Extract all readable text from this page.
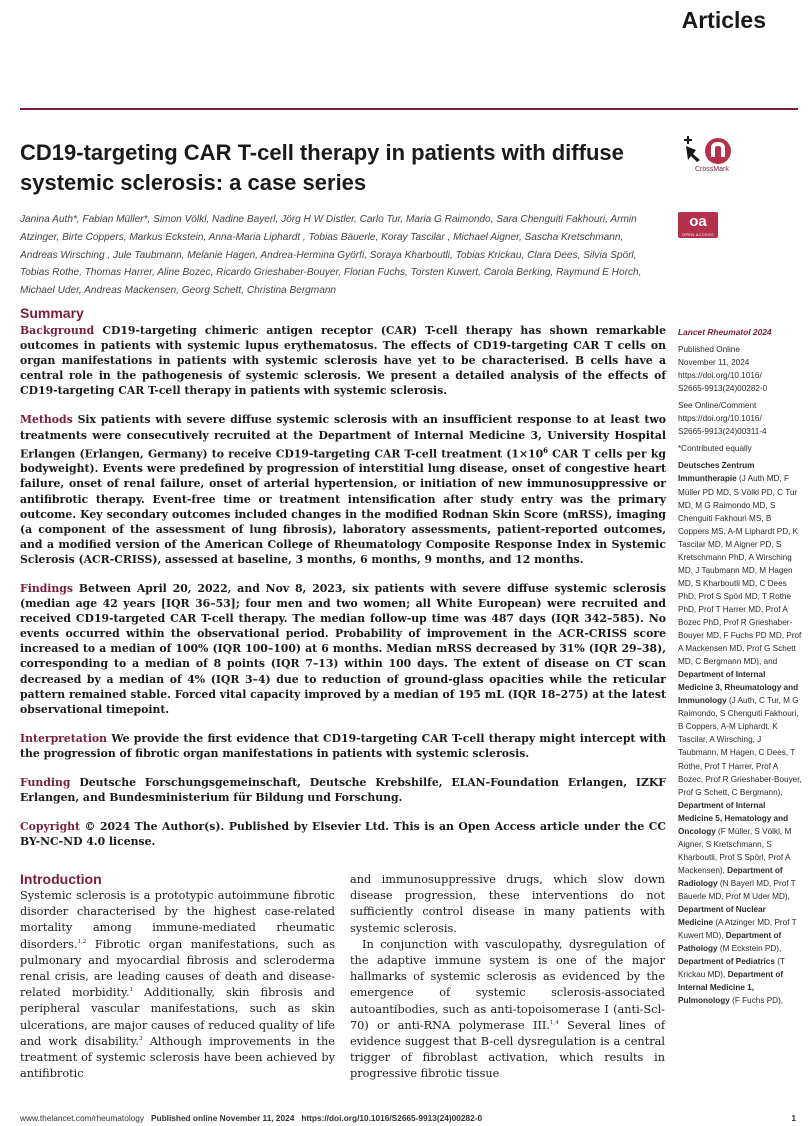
Articles
CD19-targeting CAR T-cell therapy in patients with diffuse systemic sclerosis: a case series
CrossMark
oa
OPEN ACCESS
Janina Auth*, Fabian Müller*, Simon Völkl, Nadine Bayerl, Jörg H W Distler, Carlo Tur, Maria G Raimondo, Sara Chenguiti Fakhouri, Armin Atzinger, Birte Coppers, Markus Eckstein, Anna-Maria Liphardt , Tobias Bäuerle, Koray Tascilar , Michael Aigner, Sascha Kretschmann, Andreas Wirsching , Jule Taubmann, Melanie Hagen, Andrea-Hermina Györfi, Soraya Kharboutli, Tobias Krickau, Clara Dees, Silvia Spörl, Tobias Rothe, Thomas Harrer, Aline Bozec, Ricardo Grieshaber-Bouyer, Florian Fuchs, Torsten Kuwert, Carola Berking, Raymund E Horch, Michael Uder, Andreas Mackensen, Georg Schett, Christina Bergmann
Summary

Background CD19-targeting chimeric antigen receptor (CAR) T-cell therapy has shown remarkable outcomes in patients with systemic lupus erythematosus. The effects of CD19-targeting CAR T cells on organ manifestations in patients with systemic sclerosis have yet to be characterised. B cells have a central role in the pathogenesis of systemic sclerosis. We present a detailed analysis of the effects of CD19-targeting CAR T-cell therapy in patients with systemic sclerosis.

Methods Six patients with severe diffuse systemic sclerosis with an insufficient response to at least two treatments were consecutively recruited at the Department of Internal Medicine 3, University Hospital Erlangen (Erlangen, Germany) to receive CD19-targeting CAR T-cell treatment ($1\times 10^6$ CAR T cells per kg bodyweight). Events were predefined by progression of interstitial lung disease, onset of congestive heart failure, onset of renal failure, onset of arterial hypertension, or initiation of new immunosuppressive or antifibrotic therapy. Event-free time or treatment intensification after study entry was the primary outcome. Key secondary outcomes included changes in the modified Rodnan Skin Score (mRSS), imaging (a component of the assessment of lung fibrosis), laboratory assessments, patient-reported outcomes, and a modified version of the American College of Rheumatology Composite Response Index in Systemic Sclerosis (ACR-CRISS), assessed at baseline, 3 months, 6 months, 9 months, and 12 months.

Findings Between April 20, 2022, and Nov 8, 2023, six patients with severe diffuse systemic sclerosis (median age 42 years [IQR 36–53]; four men and two women; all White European) were recruited and received CD19-targeted CAR T-cell therapy. The median follow-up time was 487 days (IQR 342–585). No events occurred within the observational period. Probability of improvement in the ACR-CRISS score increased to a median of 100% (IQR 100–100) at 6 months. Median mRSS decreased by 31% (IQR 29–38), corresponding to a median of 8 points (IQR 7–13) within 100 days. The extent of disease on CT scan decreased by a median of 4% (IQR 3–4) due to reduction of ground-glass opacities while the reticular pattern remained stable. Forced vital capacity improved by a median of 195 mL (IQR 18–275) at the latest observational timepoint.

Interpretation We provide the first evidence that CD19-targeting CAR T-cell therapy might intercept with the progression of fibrotic organ manifestations in patients with systemic sclerosis.

Funding Deutsche Forschungsgemeinschaft, Deutsche Krebshilfe, ELAN-Foundation Erlangen, IZKF Erlangen, and Bundesministerium für Bildung und Forschung.

Copyright © 2024 The Author(s). Published by Elsevier Ltd. This is an Open Access article under the CC BY-NC-ND 4.0 license.

Lancet Rheumatol 2024
Published Online
November 11, 2024
https://doi.org/10.1016/
S2665-9913(24)00282-0
See Online/Comment
https://doi.org/10.1016/
S2665-9913(24)00311-4
*Contributed equally
Deutsches Zentrum Immuntherapie (J Auth MD, F Müller PD MD, S Völkl PD, C Tur MD, M G Raimondo MD, S Chenguiti Fakhouri MS, B Coppers MS, A-M Liphardt PD, K Tascilar MD, M Aigner PD, S Kretschmann PhD, A Wirsching MD, J Taubmann MD, M Hagen MD, S Kharboutli MD, C Dees PhD, Prof S Spörl MD, T Rothe PhD, Prof T Harrer MD, Prof A Bozec PhD, Prof R Grieshaber-Bouyer MD, F Fuchs PD MD, Prof A Mackensen MD, Prof G Schett MD, C Bergmann MD), and Department of Internal Medicine 3, Rheumatology and Immunology (J Auth, C Tur, M G Raimondo, S Chenguiti Fakhouri, B Coppers, A-M Liphardt, K Tascilar, A Wirsching, J Taubmann, M Hagen, C Dees, T Rothe, Prof T Harrer, Prof A Bozec, Prof R Grieshaber-Bouyer, Prof G Schett, C Bergmann), Department of Internal Medicine 5, Hematology and Oncology (F Müller, S Völkl, M Aigner, S Kretschmann, S Kharboutli, Prof S Spörl, Prof A Mackensen), Department of Radiology (N Bayerl MD, Prof T Bäuerle MD, Prof M Uder MD), Department of Nuclear Medicine (A Atzinger MD, Prof T Kuwert MD), Department of Pathology (M Eckstein PD), Department of Pediatrics (T Krickau MD), Department of Internal Medicine 1, Pulmonology (F Fuchs PD),
Introduction

Systemic sclerosis is a prototypic autoimmune fibrotic disorder characterised by the highest case-related mortality among immune-mediated rheumatic disorders.$^{1,2}$ Fibrotic organ manifestations, such as pulmonary and myocardial fibrosis and scleroderma renal crisis, are leading causes of death and disease-related morbidity.$^1$ Additionally, skin fibrosis and peripheral vascular manifestations, such as skin ulcerations, are major causes of reduced quality of life and work disability.$^3$ Although improvements in the treatment of systemic sclerosis have been achieved by antifibrotic

and immunosuppressive drugs, which slow down disease progression, these interventions do not sufficiently control disease in many patients with systemic sclerosis.

In conjunction with vasculopathy, dysregulation of the adaptive immune system is one of the major hallmarks of systemic sclerosis as evidenced by the emergence of systemic sclerosis-associated autoantibodies, such as anti-topoisomerase I (anti-Scl-70) or anti-RNA polymerase III.$^{1,4}$ Several lines of evidence suggest that B-cell dysregulation is a central trigger of fibroblast activation, which results in progressive fibrotic tissue

www.thelancet.com/rheumatology Published online November 11, 2024 https://doi.org/10.1016/S2665-9913(24)00282-0	1
